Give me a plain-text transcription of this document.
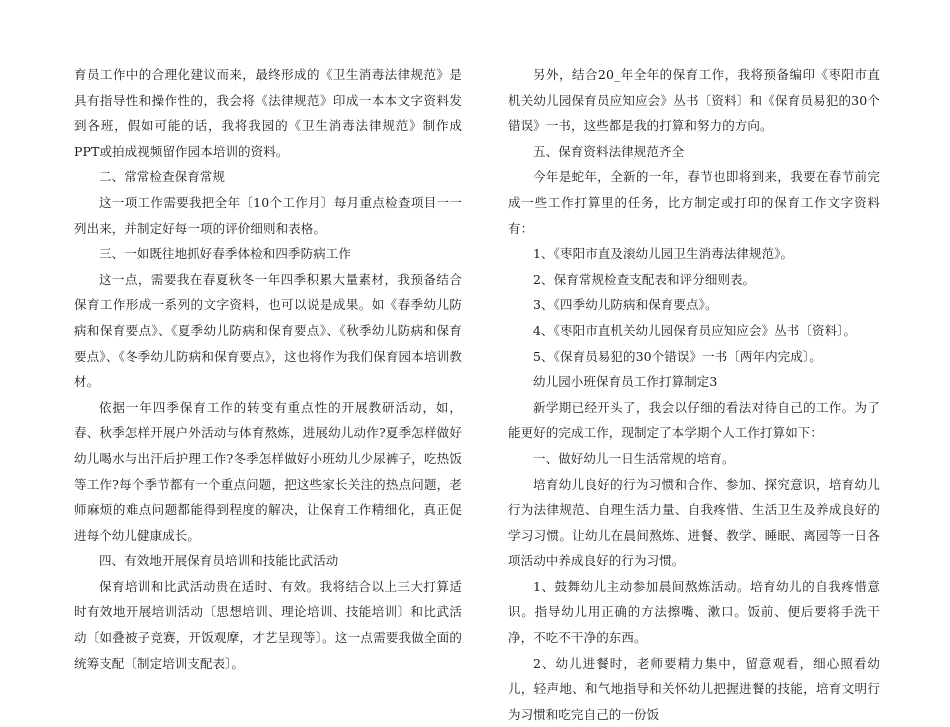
育员工作中的合理化建议而来，最终形成的《卫生消毒法律规范》是具有指导性和操作性的，我会将《法律规范》印成一本本文字资料发到各班，假如可能的话，我将我园的《卫生消毒法律规范》制作成PPT或拍成视频留作园本培训的资料。

二、常常检查保育常规

这一项工作需要我把全年〔10个工作月〕每月重点检查项目一一列出来，并制定好每一项的评价细则和表格。

三、一如既往地抓好春季体检和四季防病工作

这一点，需要我在春夏秋冬一年四季积累大量素材，我预备结合保育工作形成一系列的文字资料，也可以说是成果。如《春季幼儿防病和保育要点》、《夏季幼儿防病和保育要点》、《秋季幼儿防病和保育要点》、《冬季幼儿防病和保育要点》，这也将作为我们保育园本培训教材。

依据一年四季保育工作的转变有重点性的开展教研活动，如，春、秋季怎样开展户外活动与体育熬炼，进展幼儿动作?夏季怎样做好幼儿喝水与出汗后护理工作?冬季怎样做好小班幼儿少尿裤子，吃热饭等工作?每个季节都有一个重点问题，把这些家长关注的热点问题，老师麻烦的难点问题都能得到程度的解决，让保育工作精细化，真正促进每个幼儿健康成长。

四、有效地开展保育员培训和技能比武活动

保育培训和比武活动贵在适时、有效。我将结合以上三大打算适时有效地开展培训活动〔思想培训、理论培训、技能培训〕和比武活动〔如叠被子竞赛，开饭观摩，才艺呈现等〕。这一点需要我做全面的统筹支配〔制定培训支配表〕。

另外，结合20_年全年的保育工作，我将预备编印《枣阳市直机关幼儿园保育员应知应会》丛书〔资料〕和《保育员易犯的30个错误》一书，这些都是我的打算和努力的方向。

五、保育资料法律规范齐全

今年是蛇年，全新的一年，春节也即将到来，我要在春节前完成一些工作打算里的任务，比方制定或打印的保育工作文字资料有：

1、《枣阳市直及滚幼儿园卫生消毒法律规范》。

2、保育常规检查支配表和评分细则表。

3、《四季幼儿防病和保育要点》。

4、《枣阳市直机关幼儿园保育员应知应会》丛书〔资料〕。

5、《保育员易犯的30个错误》一书〔两年内完成〕。

幼儿园小班保育员工作打算制定3

新学期已经开头了，我会以仔细的看法对待自己的工作。为了能更好的完成工作，现制定了本学期个人工作打算如下：

一、做好幼儿一日生活常规的培育。

培育幼儿良好的行为习惯和合作、参加、探究意识，培育幼儿行为法律规范、自理生活力量、自我疼惜、生活卫生及养成良好的学习习惯。让幼儿在晨间熬炼、进餐、教学、睡眠、离园等一日各项活动中养成良好的行为习惯。

1、鼓舞幼儿主动参加晨间熬炼活动。培育幼儿的自我疼惜意识。指导幼儿用正确的方法擦嘴、漱口。饭前、便后要将手洗干净，不吃不干净的东西。

2、幼儿进餐时，老师要精力集中，留意观看，细心照看幼儿，轻声地、和气地指导和关怀幼儿把握进餐的技能，培育文明行为习惯和吃完自己的一份饭
